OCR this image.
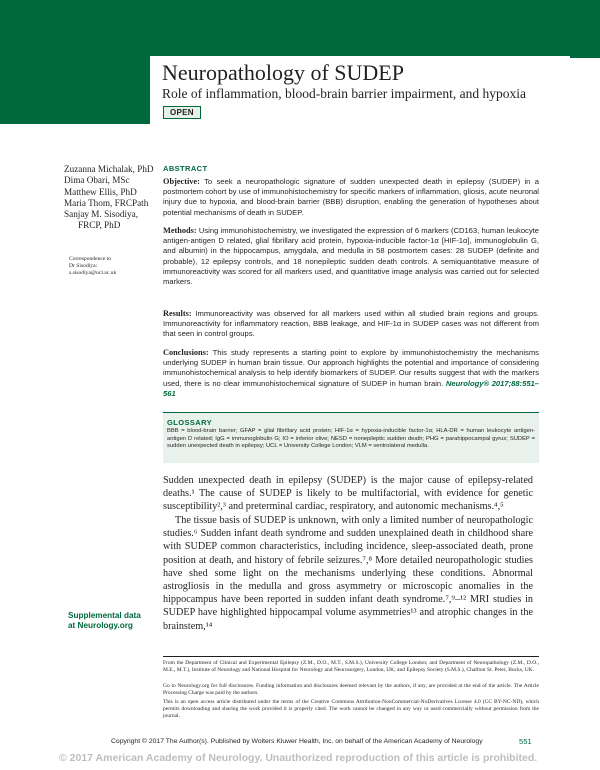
Neuropathology of SUDEP
Role of inflammation, blood-brain barrier impairment, and hypoxia
OPEN
Zuzanna Michalak, PhD
Dima Obari, MSc
Matthew Ellis, PhD
Maria Thom, FRCPath
Sanjay M. Sisodiya,
FRCP, PhD
Correspondence to
Dr Sisodiya:
s.sisodiya@ucl.ac.uk
Supplemental data
at Neurology.org
ABSTRACT
Objective: To seek a neuropathologic signature of sudden unexpected death in epilepsy (SUDEP) in a postmortem cohort by use of immunohistochemistry for specific markers of inflammation, gliosis, acute neuronal injury due to hypoxia, and blood-brain barrier (BBB) disruption, enabling the generation of hypotheses about potential mechanisms of death in SUDEP.
Methods: Using immunohistochemistry, we investigated the expression of 6 markers (CD163, human leukocyte antigen-antigen D related, glial fibrillary acid protein, hypoxia-inducible factor-1α [HIF-1α], immunoglobulin G, and albumin) in the hippocampus, amygdala, and medulla in 58 postmortem cases: 28 SUDEP (definite and probable), 12 epilepsy controls, and 18 nonepileptic sudden death controls. A semiquantitative measure of immunoreactivity was scored for all markers used, and quantitative image analysis was carried out for selected markers.
Results: Immunoreactivity was observed for all markers used within all studied brain regions and groups. Immunoreactivity for inflammatory reaction, BBB leakage, and HIF-1α in SUDEP cases was not different from that seen in control groups.
Conclusions: This study represents a starting point to explore by immunohistochemistry the mechanisms underlying SUDEP in human brain tissue. Our approach highlights the potential and importance of considering immunohistochemical analysis to help identify biomarkers of SUDEP. Our results suggest that with the markers used, there is no clear immunohistochemical signature of SUDEP in human brain. Neurology® 2017;88:551–561
GLOSSARY
BBB = blood-brain barrier; GFAP = glial fibrillary acid protein; HIF-1α = hypoxia-inducible factor-1α; HLA-DR = human leukocyte antigen-antigen D related; IgG = immunoglobulin G; IO = inferior olive; NESD = nonepileptic sudden death; PHG = parahippocampal gyrus; SUDEP = sudden unexpected death in epilepsy; UCL = University College London; VLM = ventrolateral medulla.
Sudden unexpected death in epilepsy (SUDEP) is the major cause of epilepsy-related deaths.¹ The cause of SUDEP is likely to be multifactorial, with evidence for genetic susceptibility²,³ and preterminal cardiac, respiratory, and autonomic mechanisms.⁴,⁵
The tissue basis of SUDEP is unknown, with only a limited number of neuropathologic studies.⁶ Sudden infant death syndrome and sudden unexplained death in childhood share with SUDEP common characteristics, including incidence, sleep-associated death, prone position at death, and history of febrile seizures.⁷,⁸ More detailed neuropathologic studies have shed some light on the mechanisms underlying these conditions. Abnormal astrogliosis in the medulla and gross asymmetry or microscopic anomalies in the hippocampus have been reported in sudden infant death syndrome.⁷,⁹–¹² MRI studies in SUDEP have highlighted hippocampal volume asymmetries¹³ and atrophic changes in the brainstem,¹⁴
From the Department of Clinical and Experimental Epilepsy (Z.M., D.O., M.T., S.M.S.), University College London; and Department of Neuropathology (Z.M., D.O., M.E., M.T.), Institute of Neurology and National Hospital for Neurology and Neurosurgery, London, UK; and Epilepsy Society (S.M.S.), Chalfont St. Peter, Bucks, UK.
Go to Neurology.org for full disclosures. Funding information and disclosures deemed relevant by the authors, if any, are provided at the end of the article. The Article Processing Charge was paid by the authors.
This is an open access article distributed under the terms of the Creative Commons Attribution-NonCommercial-NoDerivatives License 4.0 (CC BY-NC-ND), which permits downloading and sharing the work provided it is properly cited. The work cannot be changed in any way or used commercially without permission from the journal.
Copyright © 2017 The Author(s). Published by Wolters Kluwer Health, Inc. on behalf of the American Academy of Neurology	551
© 2017 American Academy of Neurology. Unauthorized reproduction of this article is prohibited.
